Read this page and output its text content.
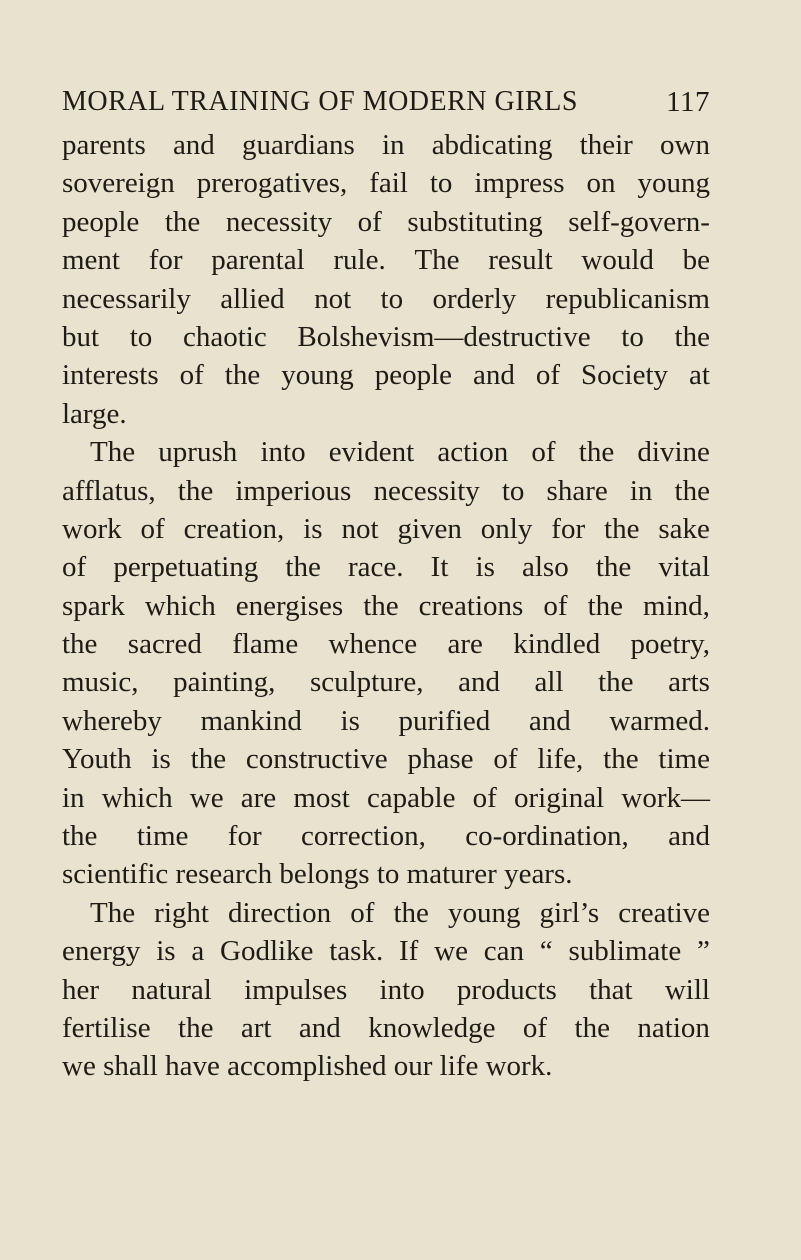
MORAL TRAINING OF MODERN GIRLS	117
parents and guardians in abdicating their own
sovereign prerogatives, fail to impress on young
people the necessity of substituting self-govern-
ment for parental rule. The result would be
necessarily allied not to orderly republicanism
but to chaotic Bolshevism—destructive to the
interests of the young people and of Society at
large.
The uprush into evident action of the divine
afflatus, the imperious necessity to share in the
work of creation, is not given only for the sake
of perpetuating the race. It is also the vital
spark which energises the creations of the mind,
the sacred flame whence are kindled poetry,
music, painting, sculpture, and all the arts
whereby mankind is purified and warmed.
Youth is the constructive phase of life, the time
in which we are most capable of original work—
the time for correction, co-ordination, and
scientific research belongs to maturer years.
The right direction of the young girl’s creative
energy is a Godlike task. If we can “ sublimate ”
her natural impulses into products that will
fertilise the art and knowledge of the nation
we shall have accomplished our life work.
